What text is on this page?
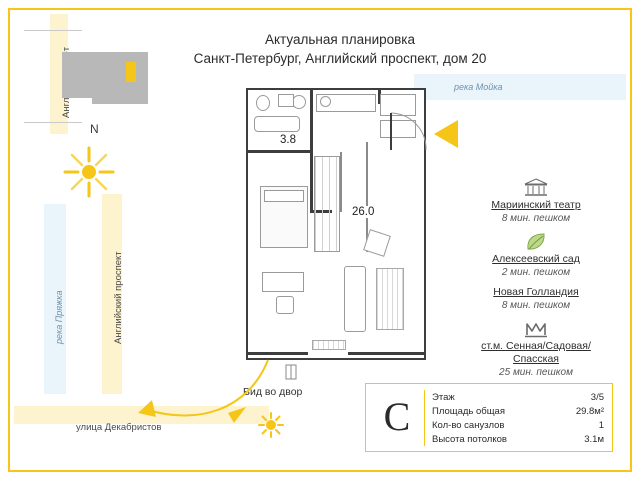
река Мойка
река Пряжка	Английский проспект
улица Декабристов
Актуальная планировка
Санкт-Петербург, Английский проспект, дом 20
N
3.8
26.0
Мариинский театр
8 мин. пешком
Алексеевский сад
2 мин. пешком
Новая Голландия
8 мин. пешком
ст.м. Сенная/Садовая/
Спасская
25 мин. пешком
Вид во двор
C	Этаж	3/5
Площадь общая	29.8м²
Кол-во санузлов	1
Высота потолков	3.1м
